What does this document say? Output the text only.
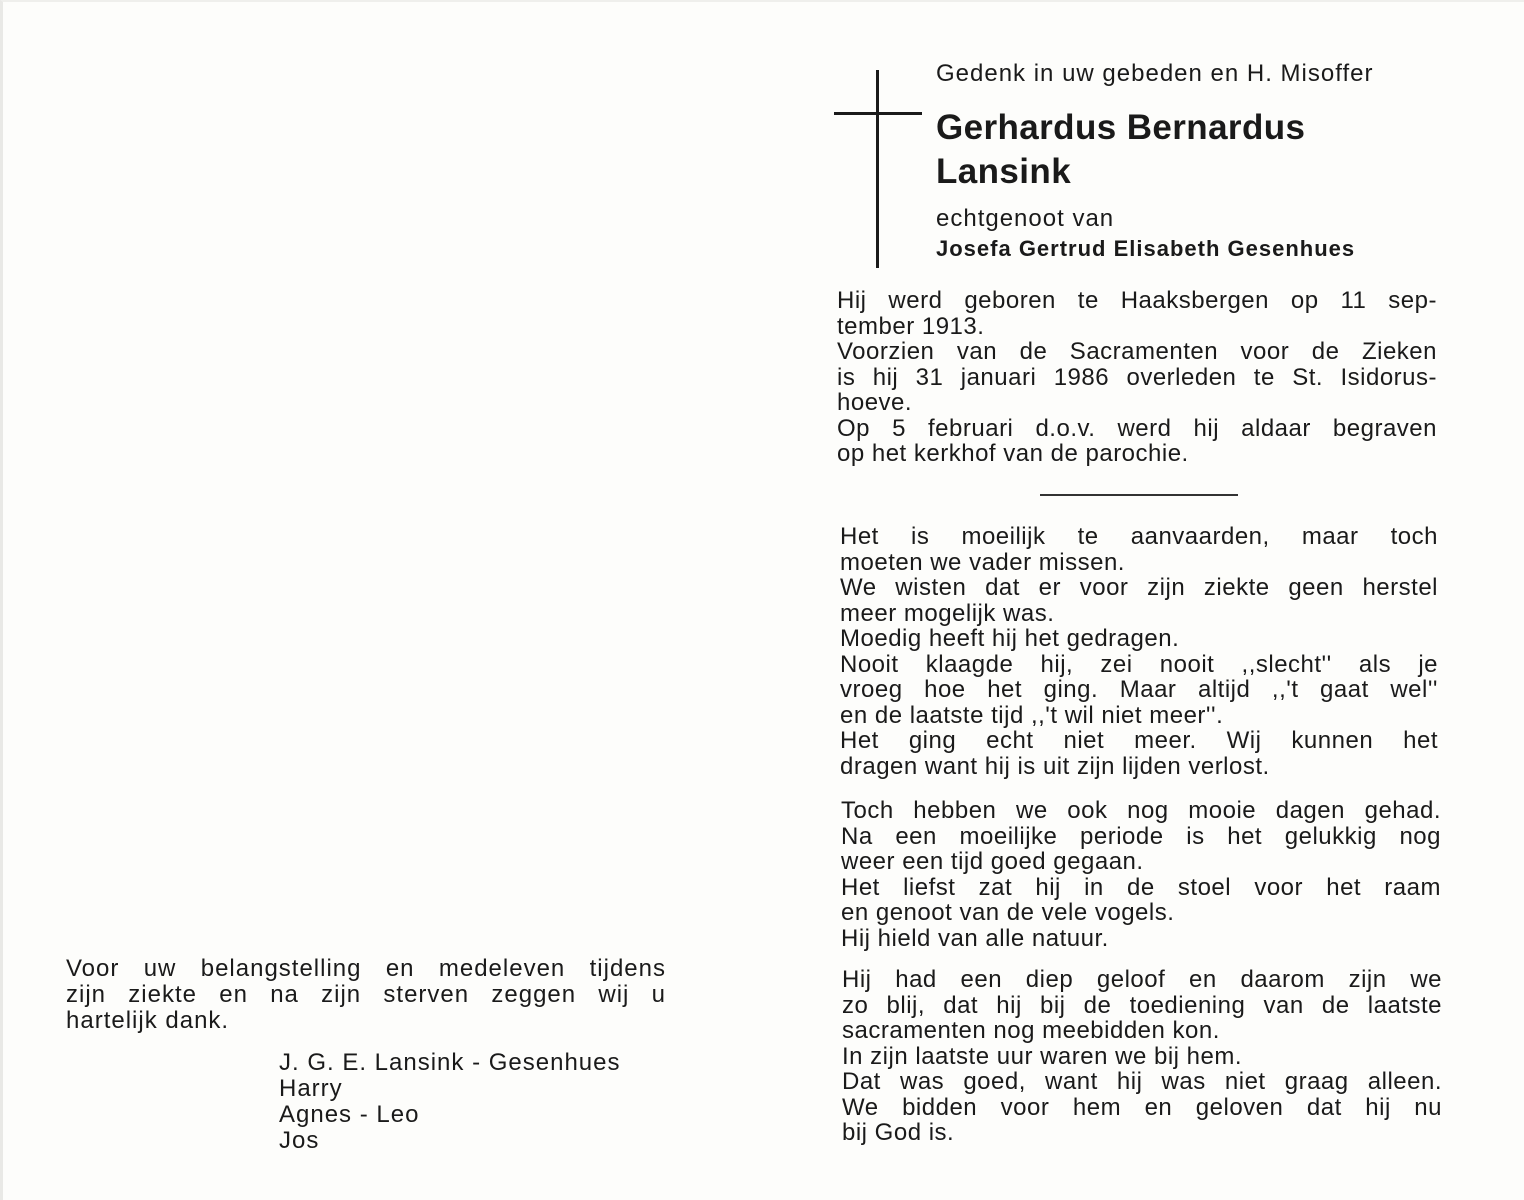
Gedenk in uw gebeden en H. Misoffer
Gerhardus Bernardus
Lansink
echtgenoot van
Josefa Gertrud Elisabeth Gesenhues
Hij werd geboren te Haaksbergen op 11 sep-
tember 1913.
Voorzien van de Sacramenten voor de Zieken
is hij 31 januari 1986 overleden te St. Isidorus-
hoeve.
Op 5 februari d.o.v. werd hij aldaar begraven
op het kerkhof van de parochie.
Het is moeilijk te aanvaarden, maar toch
moeten we vader missen.
We wisten dat er voor zijn ziekte geen herstel
meer mogelijk was.
Moedig heeft hij het gedragen.
Nooit klaagde hij, zei nooit ,,slecht'' als je
vroeg hoe het ging. Maar altijd ,,'t gaat wel''
en de laatste tijd ,,'t wil niet meer''.
Het ging echt niet meer. Wij kunnen het
dragen want hij is uit zijn lijden verlost.
Toch hebben we ook nog mooie dagen gehad.
Na een moeilijke periode is het gelukkig nog
weer een tijd goed gegaan.
Het liefst zat hij in de stoel voor het raam
en genoot van de vele vogels.
Hij hield van alle natuur.
Hij had een diep geloof en daarom zijn we
zo blij, dat hij bij de toediening van de laatste
sacramenten nog meebidden kon.
In zijn laatste uur waren we bij hem.
Dat was goed, want hij was niet graag alleen.
We bidden voor hem en geloven dat hij nu
bij God is.
Voor uw belangstelling en medeleven tijdens
zijn ziekte en na zijn sterven zeggen wij u
hartelijk dank.
J. G. E. Lansink - Gesenhues
Harry
Agnes - Leo
Jos
